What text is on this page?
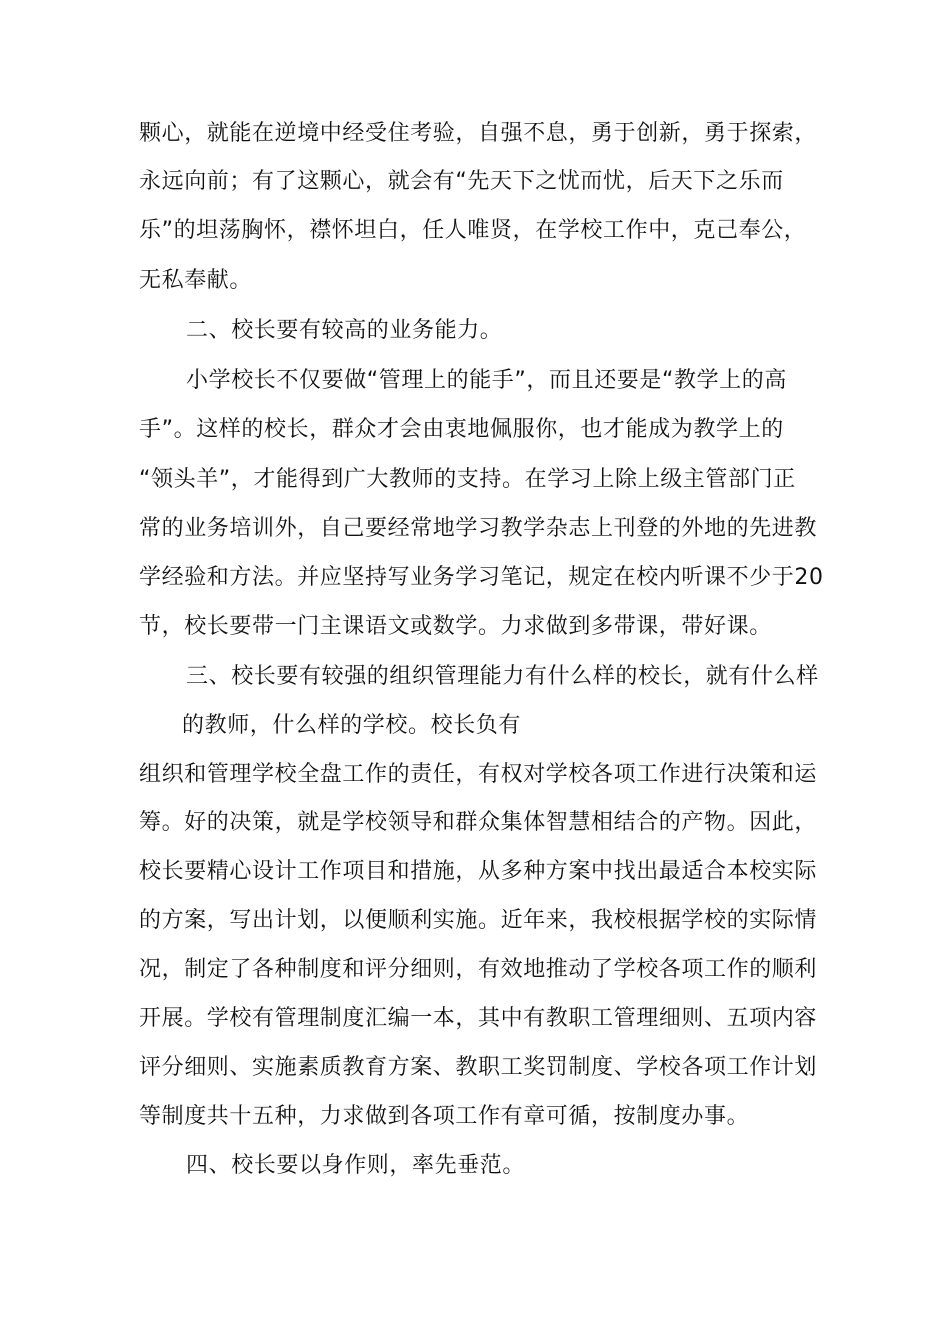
颗心，就能在逆境中经受住考验，自强不息，勇于创新，勇于探索，
永远向前；有了这颗心，就会有“先天下之忧而忧，后天下之乐而
乐”的坦荡胸怀，襟怀坦白，任人唯贤，在学校工作中，克己奉公，
无私奉献。
二、校长要有较高的业务能力。
小学校长不仅要做“管理上的能手”，而且还要是“教学上的高
手”。这样的校长，群众才会由衷地佩服你，也才能成为教学上的
“领头羊”，才能得到广大教师的支持。在学习上除上级主管部门正
常的业务培训外，自己要经常地学习教学杂志上刊登的外地的先进教
学经验和方法。并应坚持写业务学习笔记，规定在校内听课不少于20
节，校长要带一门主课语文或数学。力求做到多带课，带好课。
三、校长要有较强的组织管理能力有什么样的校长，就有什么样
的教师，什么样的学校。校长负有
组织和管理学校全盘工作的责任，有权对学校各项工作进行决策和运
筹。好的决策，就是学校领导和群众集体智慧相结合的产物。因此，
校长要精心设计工作项目和措施，从多种方案中找出最适合本校实际
的方案，写出计划，以便顺利实施。近年来，我校根据学校的实际情
况，制定了各种制度和评分细则，有效地推动了学校各项工作的顺利
开展。学校有管理制度汇编一本，其中有教职工管理细则、五项内容
评分细则、实施素质教育方案、教职工奖罚制度、学校各项工作计划
等制度共十五种，力求做到各项工作有章可循，按制度办事。
四、校长要以身作则，率先垂范。
